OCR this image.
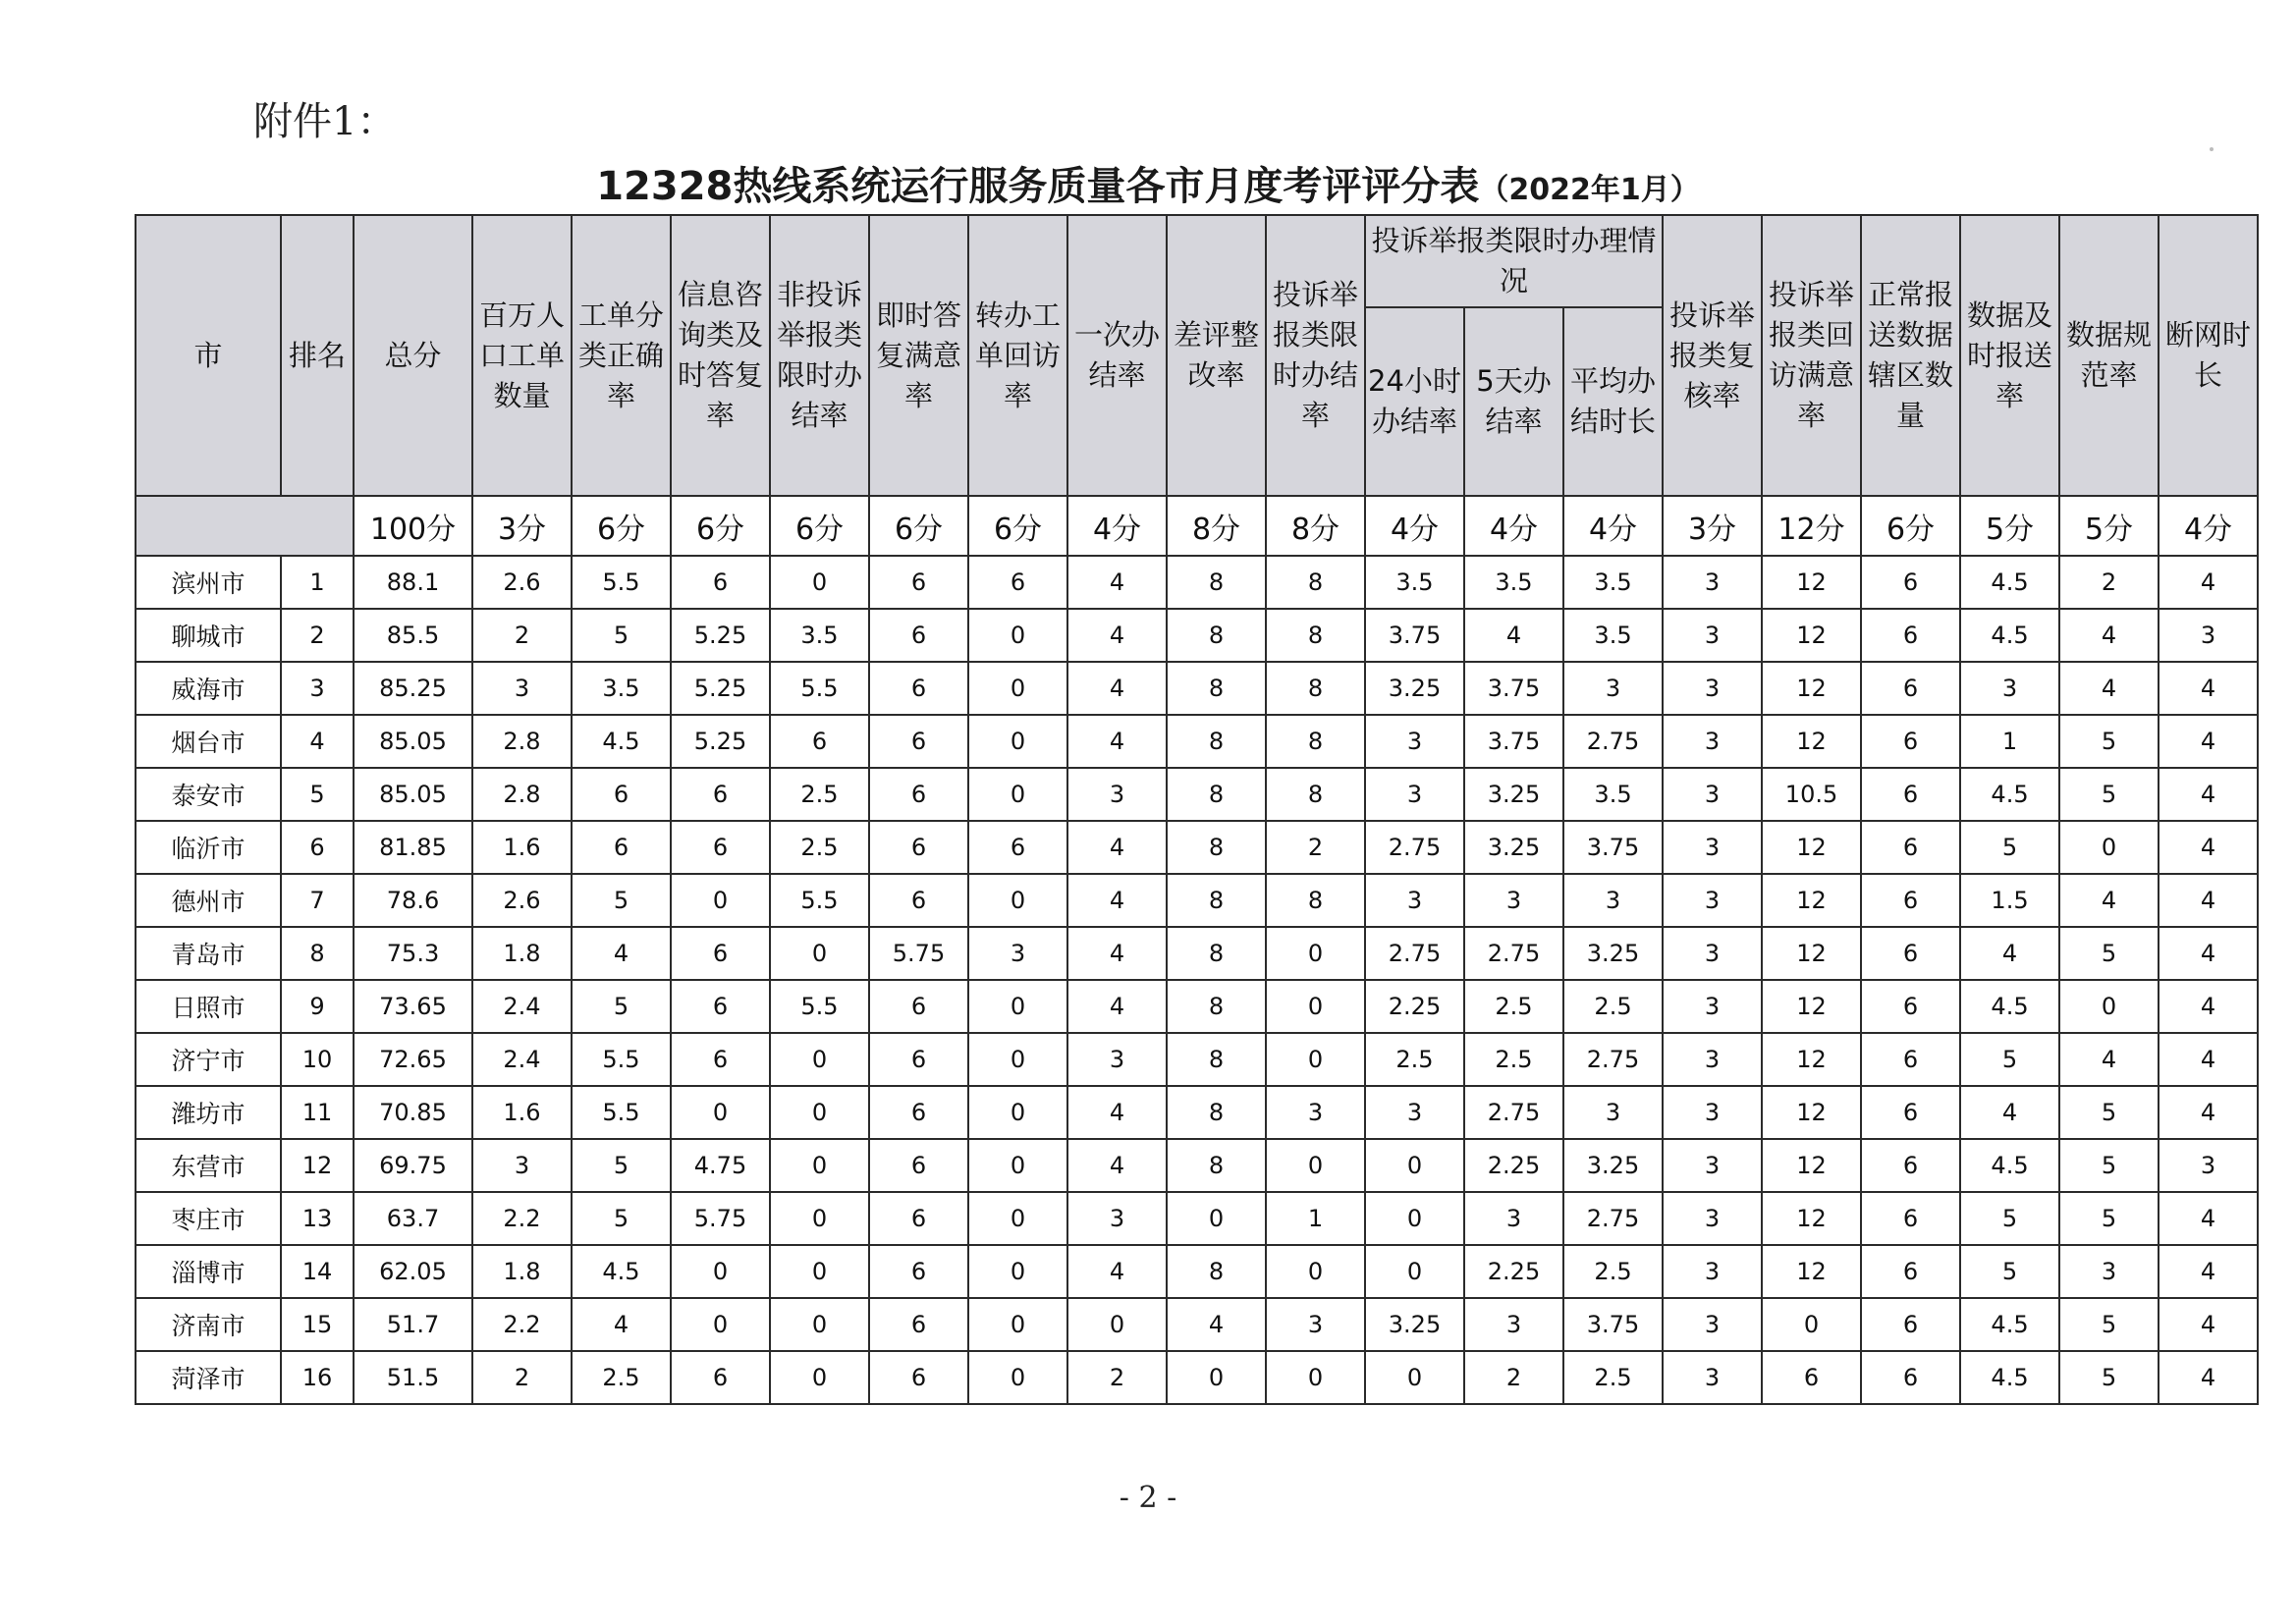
附件1：
12328热线系统运行服务质量各市月度考评评分表（2022年1月）
市	排名	总分	百万人口工单数量	工单分类正确率	信息咨询类及时答复率	非投诉举报类限时办结率	即时答复满意率	转办工单回访率	一次办结率	差评整改率	投诉举报类限时办结率	投诉举报类限时办理情况			投诉举报类复核率	投诉举报类回访满意率	正常报送数据辖区数量	数据及时报送率	数据规范率	断网时长
												24小时办结率	5天办结率	平均办结时长						
		100分	3分	6分	6分	6分	6分	6分	4分	8分	8分	4分	4分	4分	3分	12分	6分	5分	5分	4分
滨州市	1	88.1	2.6	5.5	6	0	6	6	4	8	8	3.5	3.5	3.5	3	12	6	4.5	2	4
聊城市	2	85.5	2	5	5.25	3.5	6	0	4	8	8	3.75	4	3.5	3	12	6	4.5	4	3
威海市	3	85.25	3	3.5	5.25	5.5	6	0	4	8	8	3.25	3.75	3	3	12	6	3	4	4
烟台市	4	85.05	2.8	4.5	5.25	6	6	0	4	8	8	3	3.75	2.75	3	12	6	1	5	4
泰安市	5	85.05	2.8	6	6	2.5	6	0	3	8	8	3	3.25	3.5	3	10.5	6	4.5	5	4
临沂市	6	81.85	1.6	6	6	2.5	6	6	4	8	2	2.75	3.25	3.75	3	12	6	5	0	4
德州市	7	78.6	2.6	5	0	5.5	6	0	4	8	8	3	3	3	3	12	6	1.5	4	4
青岛市	8	75.3	1.8	4	6	0	5.75	3	4	8	0	2.75	2.75	3.25	3	12	6	4	5	4
日照市	9	73.65	2.4	5	6	5.5	6	0	4	8	0	2.25	2.5	2.5	3	12	6	4.5	0	4
济宁市	10	72.65	2.4	5.5	6	0	6	0	3	8	0	2.5	2.5	2.75	3	12	6	5	4	4
潍坊市	11	70.85	1.6	5.5	0	0	6	0	4	8	3	3	2.75	3	3	12	6	4	5	4
东营市	12	69.75	3	5	4.75	0	6	0	4	8	0	0	2.25	3.25	3	12	6	4.5	5	3
枣庄市	13	63.7	2.2	5	5.75	0	6	0	3	0	1	0	3	2.75	3	12	6	5	5	4
淄博市	14	62.05	1.8	4.5	0	0	6	0	4	8	0	0	2.25	2.5	3	12	6	5	3	4
济南市	15	51.7	2.2	4	0	0	6	0	0	4	3	3.25	3	3.75	3	0	6	4.5	5	4
菏泽市	16	51.5	2	2.5	6	0	6	0	2	0	0	0	2	2.5	3	6	6	4.5	5	4
- 2 -
